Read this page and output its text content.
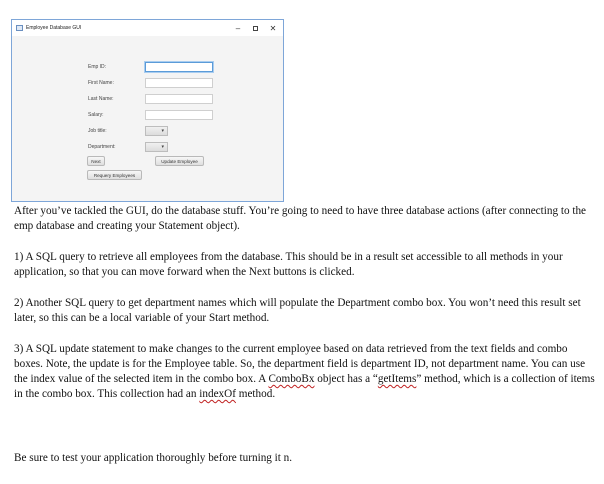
Employee Database GUI	–	✕
Emp ID:
First Name:
Last Name:
Salary:
Job title:	▾
Department:	▾
Next	Update Employee
Requery Employees

After you’ve tackled the GUI, do the database stuff. You’re going to need to have three database actions (after connecting to the emp database and creating your Statement object).

1) A SQL query to retrieve all employees from the database. This should be in a result set accessible to all methods in your application, so that you can move forward when the Next buttons is clicked.

2) Another SQL query to get department names which will populate the Department combo box. You won’t need this result set later, so this can be a local variable of your Start method.

3) A SQL update statement to make changes to the current employee based on data retrieved from the text fields and combo boxes. Note, the update is for the Employee table. So, the department field is department ID, not department name. You can use the index value of the selected item in the combo box. A ComboBx object has a “getItems” method, which is a collection of items in the combo box. This collection had an indexOf method.

Be sure to test your application thoroughly before turning it n.
